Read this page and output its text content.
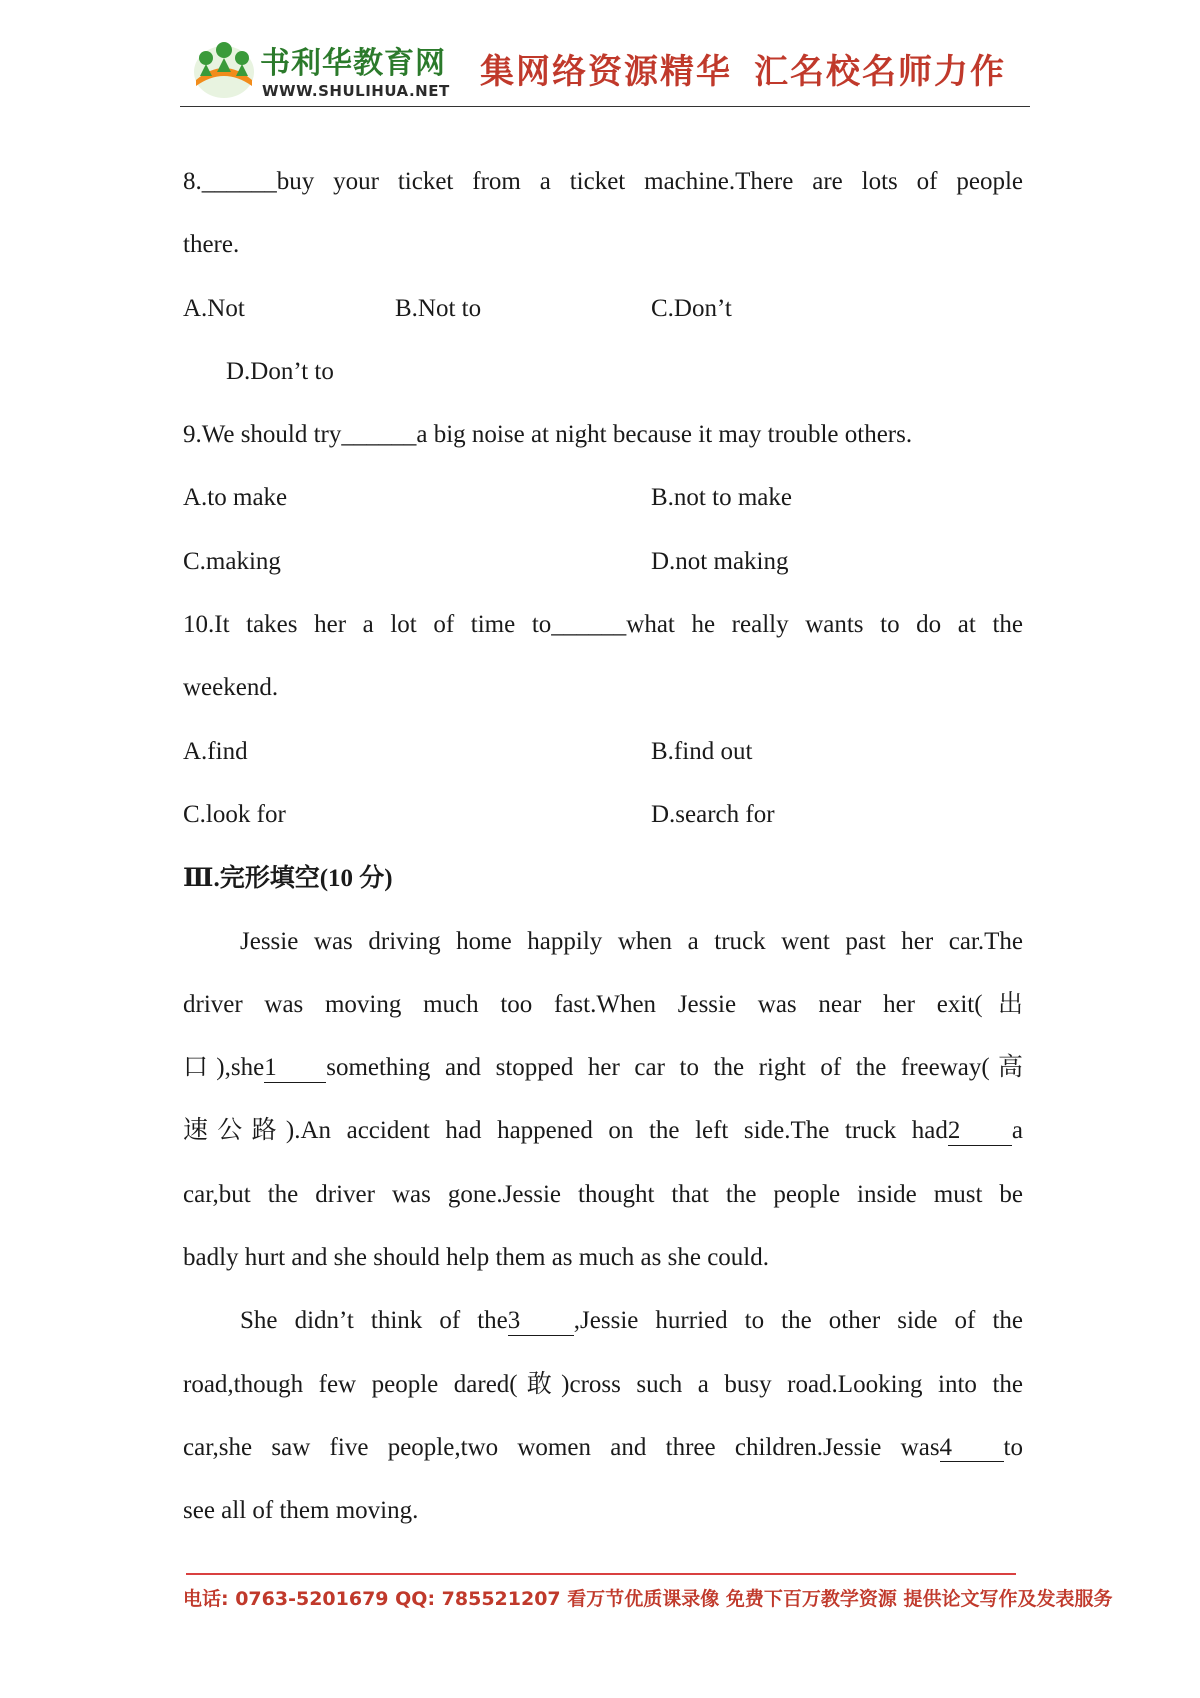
书利华教育网
WWW.SHULIHUA.NET 集网络资源精华 汇名校名师力作
8.______buy your ticket from a ticket machine.There are lots of people
there.
A.Not	B.Not to	C.Don’t
D.Don’t to
9.We should try______a big noise at night because it may trouble others.
A.to make	B.not to make
C.making	D.not making
10.It takes her a lot of time to______what he really wants to do at the
weekend.
A.find	B.find out
C.look for	D.search for
Ⅲ.完形填空(10 分)
Jessie was driving home happily when a truck went past her car.The
driver was moving much too fast.When Jessie was near her exit(出
口),she1 something and stopped her car to the right of the freeway(高
速公路).An accident had happened on the left side.The truck had2 a
car,but the driver was gone.Jessie thought that the people inside must be
badly hurt and she should help them as much as she could.
She didn’t think of the3 ,Jessie hurried to the other side of the
road,though few people dared(敢)cross such a busy road.Looking into the
car,she saw five people,two women and three children.Jessie was4 to
see all of them moving.
电话: 0763-5201679 QQ: 785521207 看万节优质课录像 免费下百万教学资源 提供论文写作及发表服务
